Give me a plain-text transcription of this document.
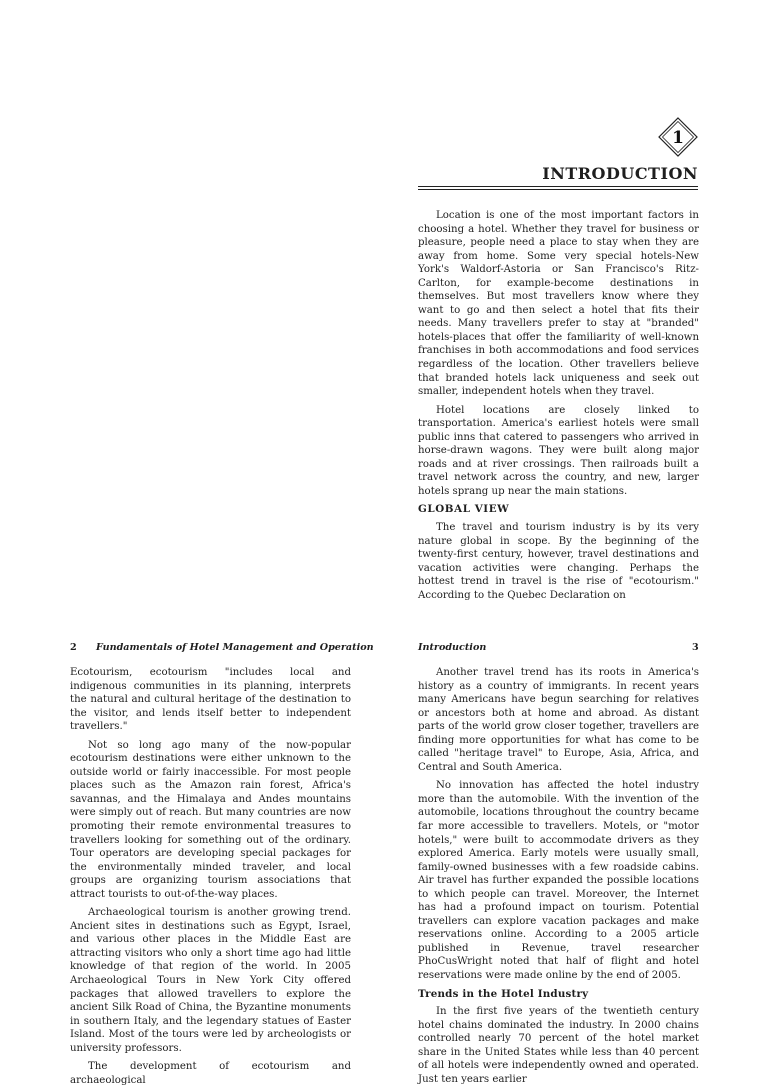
1
INTRODUCTION

Location is one of the most important factors in choosing a hotel. Whether they travel for business or pleasure, people need a place to stay when they are away from home. Some very special hotels-New York's Waldorf-Astoria or San Francisco's Ritz-Carlton, for example-become destinations in themselves. But most travellers know where they want to go and then select a hotel that fits their needs. Many travellers prefer to stay at "branded" hotels-places that offer the familiarity of well-known franchises in both accommodations and food services regardless of the location. Other travellers believe that branded hotels lack uniqueness and seek out smaller, independent hotels when they travel.

Hotel locations are closely linked to transportation. America's earliest hotels were small public inns that catered to passengers who arrived in horse-drawn wagons. They were built along major roads and at river crossings. Then railroads built a travel network across the country, and new, larger hotels sprang up near the main stations.

GLOBAL VIEW

The travel and tourism industry is by its very nature global in scope. By the beginning of the twenty-first century, however, travel destinations and vacation activities were changing. Perhaps the hottest trend in travel is the rise of "ecotourism." According to the Quebec Declaration on

2 Fundamentals of Hotel Management and Operation

Ecotourism, ecotourism "includes local and indigenous communities in its planning, interprets the natural and cultural heritage of the destination to the visitor, and lends itself better to independent travellers."

Not so long ago many of the now-popular ecotourism destinations were either unknown to the outside world or fairly inaccessible. For most people places such as the Amazon rain forest, Africa's savannas, and the Himalaya and Andes mountains were simply out of reach. But many countries are now promoting their remote environmental treasures to travellers looking for something out of the ordinary. Tour operators are developing special packages for the environmentally minded traveler, and local groups are organizing tourism associations that attract tourists to out-of-the-way places.

Archaeological tourism is another growing trend. Ancient sites in destinations such as Egypt, Israel, and various other places in the Middle East are attracting visitors who only a short time ago had little knowledge of that region of the world. In 2005 Archaeological Tours in New York City offered packages that allowed travellers to explore the ancient Silk Road of China, the Byzantine monuments in southern Italy, and the legendary statues of Easter Island. Most of the tours were led by archeologists or university professors.

The development of ecotourism and archaeological

Introduction	3

Another travel trend has its roots in America's history as a country of immigrants. In recent years many Americans have begun searching for relatives or ancestors both at home and abroad. As distant parts of the world grow closer together, travellers are finding more opportunities for what has come to be called "heritage travel" to Europe, Asia, Africa, and Central and South America.

No innovation has affected the hotel industry more than the automobile. With the invention of the automobile, locations throughout the country became far more accessible to travellers. Motels, or "motor hotels," were built to accommodate drivers as they explored America. Early motels were usually small, family-owned businesses with a few roadside cabins. Air travel has further expanded the possible locations to which people can travel. Moreover, the Internet has had a profound impact on tourism. Potential travellers can explore vacation packages and make reservations online. According to a 2005 article published in Revenue, travel researcher PhoCusWright noted that half of flight and hotel reservations were made online by the end of 2005.

Trends in the Hotel Industry

In the first five years of the twentieth century hotel chains dominated the industry. In 2000 chains controlled nearly 70 percent of the hotel market share in the United States while less than 40 percent of all hotels were independently owned and operated. Just ten years earlier
